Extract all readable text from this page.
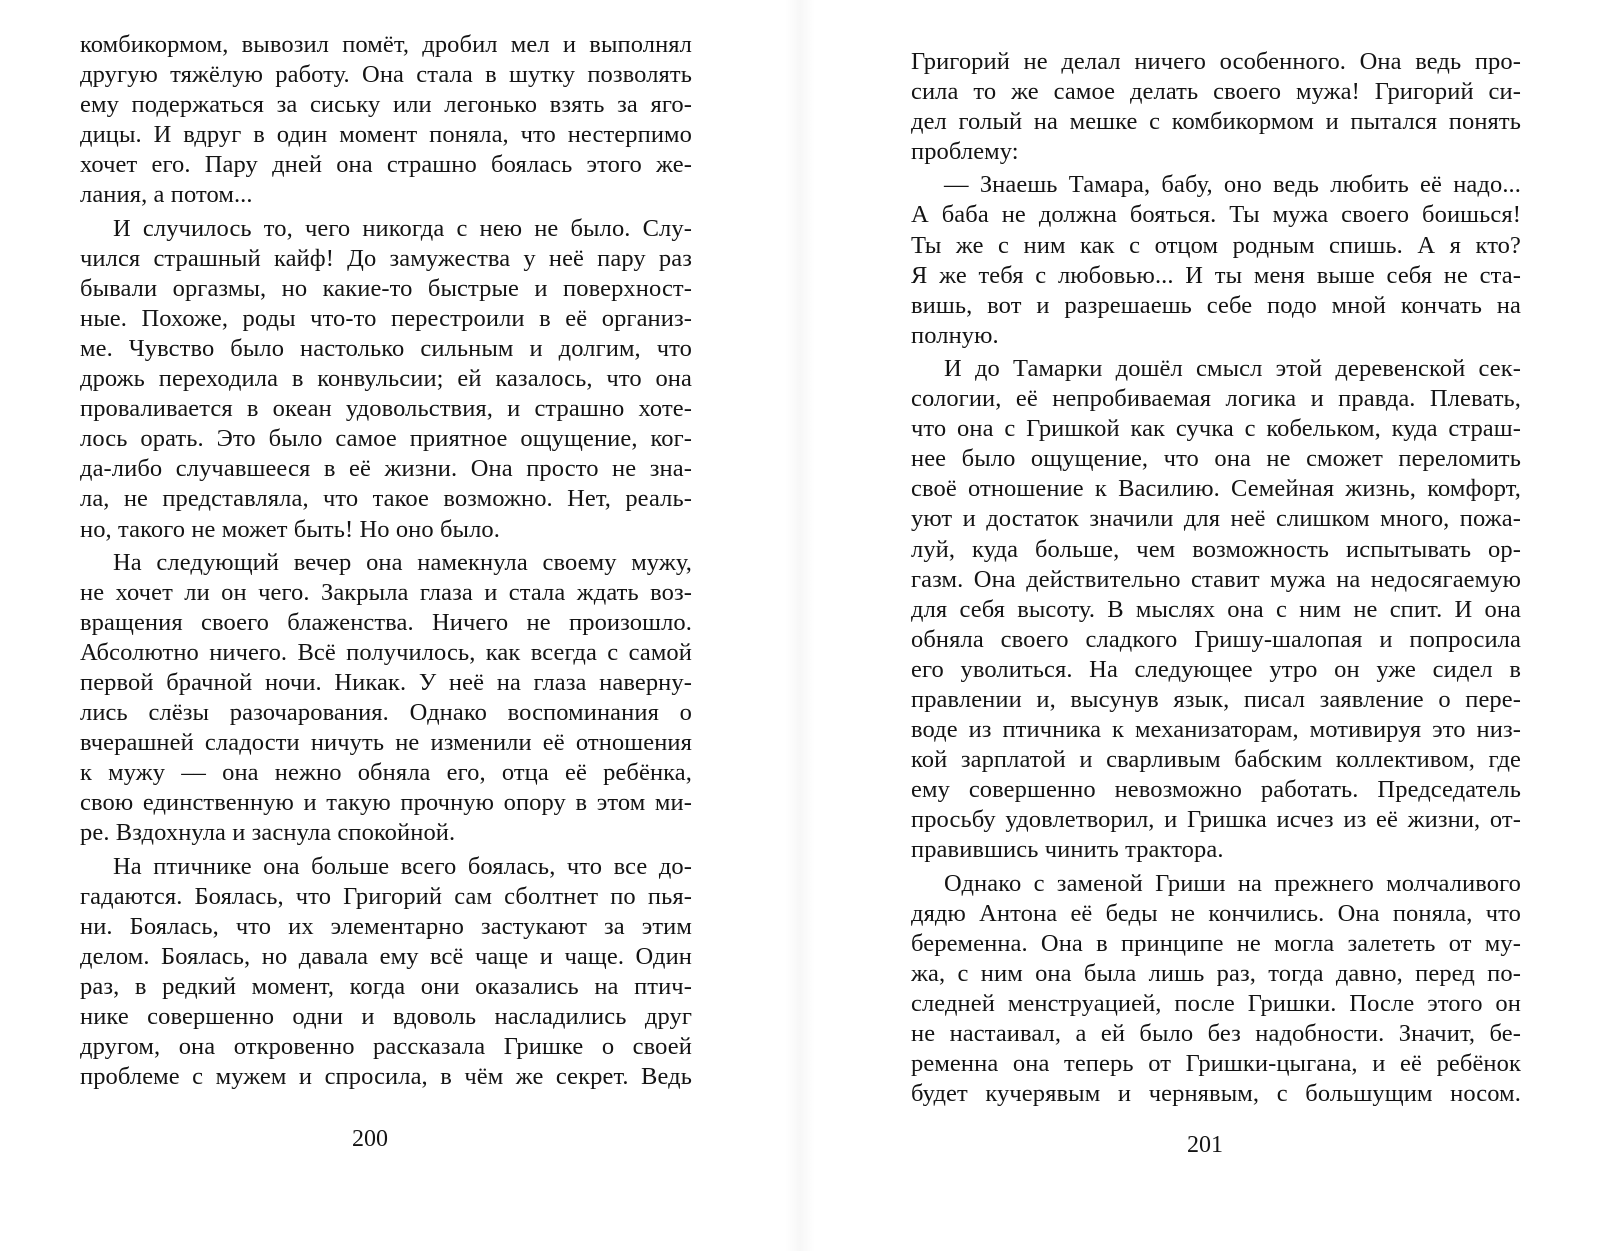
комбикормом, вывозил помёт, дробил мел и выполнял
другую тяжёлую работу. Она стала в шутку позволять
ему подержаться за сиську или легонько взять за яго-
дицы. И вдруг в один момент поняла, что нестерпимо
хочет его. Пару дней она страшно боялась этого же-
лания, а потом...
И случилось то, чего никогда с нею не было. Слу-
чился страшный кайф! До замужества у неё пару раз
бывали оргазмы, но какие-то быстрые и поверхност-
ные. Похоже, роды что-то перестроили в её организ-
ме. Чувство было настолько сильным и долгим, что
дрожь переходила в конвульсии; ей казалось, что она
проваливается в океан удовольствия, и страшно хоте-
лось орать. Это было самое приятное ощущение, ког-
да-либо случавшееся в её жизни. Она просто не зна-
ла, не представляла, что такое возможно. Нет, реаль-
но, такого не может быть! Но оно было.
На следующий вечер она намекнула своему мужу,
не хочет ли он чего. Закрыла глаза и стала ждать воз-
вращения своего блаженства. Ничего не произошло.
Абсолютно ничего. Всё получилось, как всегда с самой
первой брачной ночи. Никак. У неё на глаза наверну-
лись слёзы разочарования. Однако воспоминания о
вчерашней сладости ничуть не изменили её отношения
к мужу –– она нежно обняла его, отца её ребёнка,
свою единственную и такую прочную опору в этом ми-
ре. Вздохнула и заснула спокойной.
На птичнике она больше всего боялась, что все до-
гадаются. Боялась, что Григорий сам сболтнет по пья-
ни. Боялась, что их элементарно застукают за этим
делом. Боялась, но давала ему всё чаще и чаще. Один
раз, в редкий момент, когда они оказались на птич-
нике совершенно одни и вдоволь насладились друг
другом, она откровенно рассказала Гришке о своей
проблеме с мужем и спросила, в чём же секрет. Ведь
200
Григорий не делал ничего особенного. Она ведь про-
сила то же самое делать своего мужа! Григорий си-
дел голый на мешке с комбикормом и пытался понять
проблему:
— Знаешь Тамара, бабу, оно ведь любить её надо...
А баба не должна бояться. Ты мужа своего боишься!
Ты же с ним как с отцом родным спишь. А я кто?
Я же тебя с любовью... И ты меня выше себя не ста-
вишь, вот и разрешаешь себе подо мной кончать на
полную.
И до Тамарки дошёл смысл этой деревенской сек-
сологии, её непробиваемая логика и правда. Плевать,
что она с Гришкой как сучка с кобельком, куда страш-
нее было ощущение, что она не сможет переломить
своё отношение к Василию. Семейная жизнь, комфорт,
уют и достаток значили для неё слишком много, пожа-
луй, куда больше, чем возможность испытывать ор-
газм. Она действительно ставит мужа на недосягаемую
для себя высоту. В мыслях она с ним не спит. И она
обняла своего сладкого Гришу-шалопая и попросила
его уволиться. На следующее утро он уже сидел в
правлении и, высунув язык, писал заявление о пере-
воде из птичника к механизаторам, мотивируя это низ-
кой зарплатой и сварливым бабским коллективом, где
ему совершенно невозможно работать. Председатель
просьбу удовлетворил, и Гришка исчез из её жизни, от-
правившись чинить трактора.
Однако с заменой Гриши на прежнего молчаливого
дядю Антона её беды не кончились. Она поняла, что
беременна. Она в принципе не могла залететь от му-
жа, с ним она была лишь раз, тогда давно, перед по-
следней менструацией, после Гришки. После этого он
не настаивал, а ей было без надобности. Значит, бе-
ременна она теперь от Гришки-цыгана, и её ребёнок
будет кучерявым и чернявым, с большущим носом.
201
